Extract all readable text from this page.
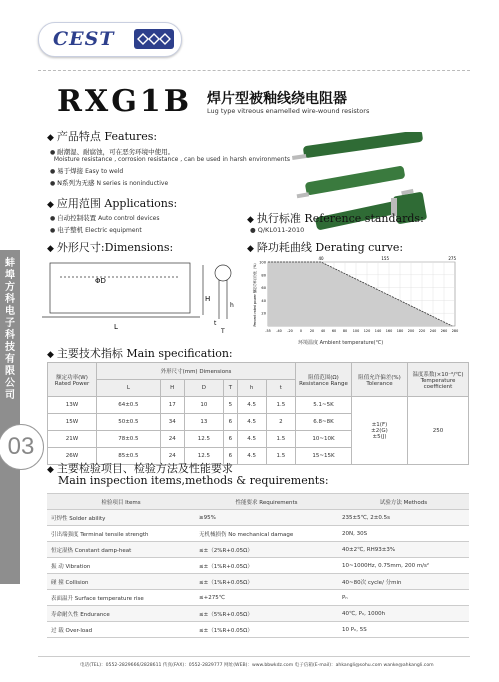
CEST
蚌埠方科电子科技有限公司
03
RXG1B 焊片型被釉线绕电阻器
Lug type vitreous enamelled wire-wound resistors
◆ 产品特点 Features:
● 耐潮湿、耐腐蚀，可在恶劣环境中使用。
Moisture resistance , corrosion resistance , can be used in harsh environments
● 易于焊接 Easy to weld
● N系列为无感 N series is noninductive
◆ 应用范围 Applications:
● 自动控制装置 Auto control devices
● 电子整机 Electric equipment
◆ 执行标准 Reference standards:
● Q/KL011-2010
◆ 外形尺寸:Dimensions:	◆ 降功耗曲线 Derating curve:
ΦD
L
H
h
t
T
100
80
60
40
20
40	155	275
-55 -40 -20 0 20 40 60 80 100 120 140 160 180 200 220 240 260 280
Percent rated power 额定功率百分比（%）
环境温度 Ambient temperature(℃)
◆ 主要技术指标 Main specification:
额定功率(W) Rated Power	外形尺寸(mm) Dimensions						阻值范围(Ω) Resistance Range	阻值允许偏差(%) Tolerance	温度系数(×10⁻⁶/℃) Temperature coefficient
	L	H	D	T	h	t			
13W	64±0.5	17	10	5	4.5	1.5	5.1~5K	±1(F)
±2(G)
±5(J)	250
15W	50±0.5	34	13	6	4.5	2	6.8~8K		
21W	78±0.5	24	12.5	6	4.5	1.5	10~10K		
26W	85±0.5	24	12.5	6	4.5	1.5	15~15K		
◆ 主要检验项目、检验方法及性能要求
Main inspection items,methods & requirements:
检验项目 Items	性能要求 Requirements	试验方法 Methods
可焊性 Solder ability	≥95%	235±5℃, 2±0.5s
引出端强度 Terminal tensile strength	无机械损伤 No mechanical damage	20N, 30S
恒定湿热 Constant damp-heat	≤±（2%R+0.05Ω）	40±2℃, RH93±3%
振 动 Vibration	≤±（1%R+0.05Ω）	10~1000Hz, 0.75mm, 200 m/s²
碰 撞 Collision	≤±（1%R+0.05Ω）	40~80次 cycle/ 分min
表面温升 Surface temperature rise	≤+275℃	Pₙ
寿命耐久性 Endurance	≤±（5%R+0.05Ω）	40℃, Pₙ, 1000h
过 载 Over-load	≤±（1%R+0.05Ω）	10 Pₙ, 5S
电话(TEL)：0552-2829666/2828611 传真(FAX)：0552-2829777 网址(WEB)：www.bbwkdz.com 电子信箱(E-mail)：ahkangli@sohu.com wanke@ahkangli.com
